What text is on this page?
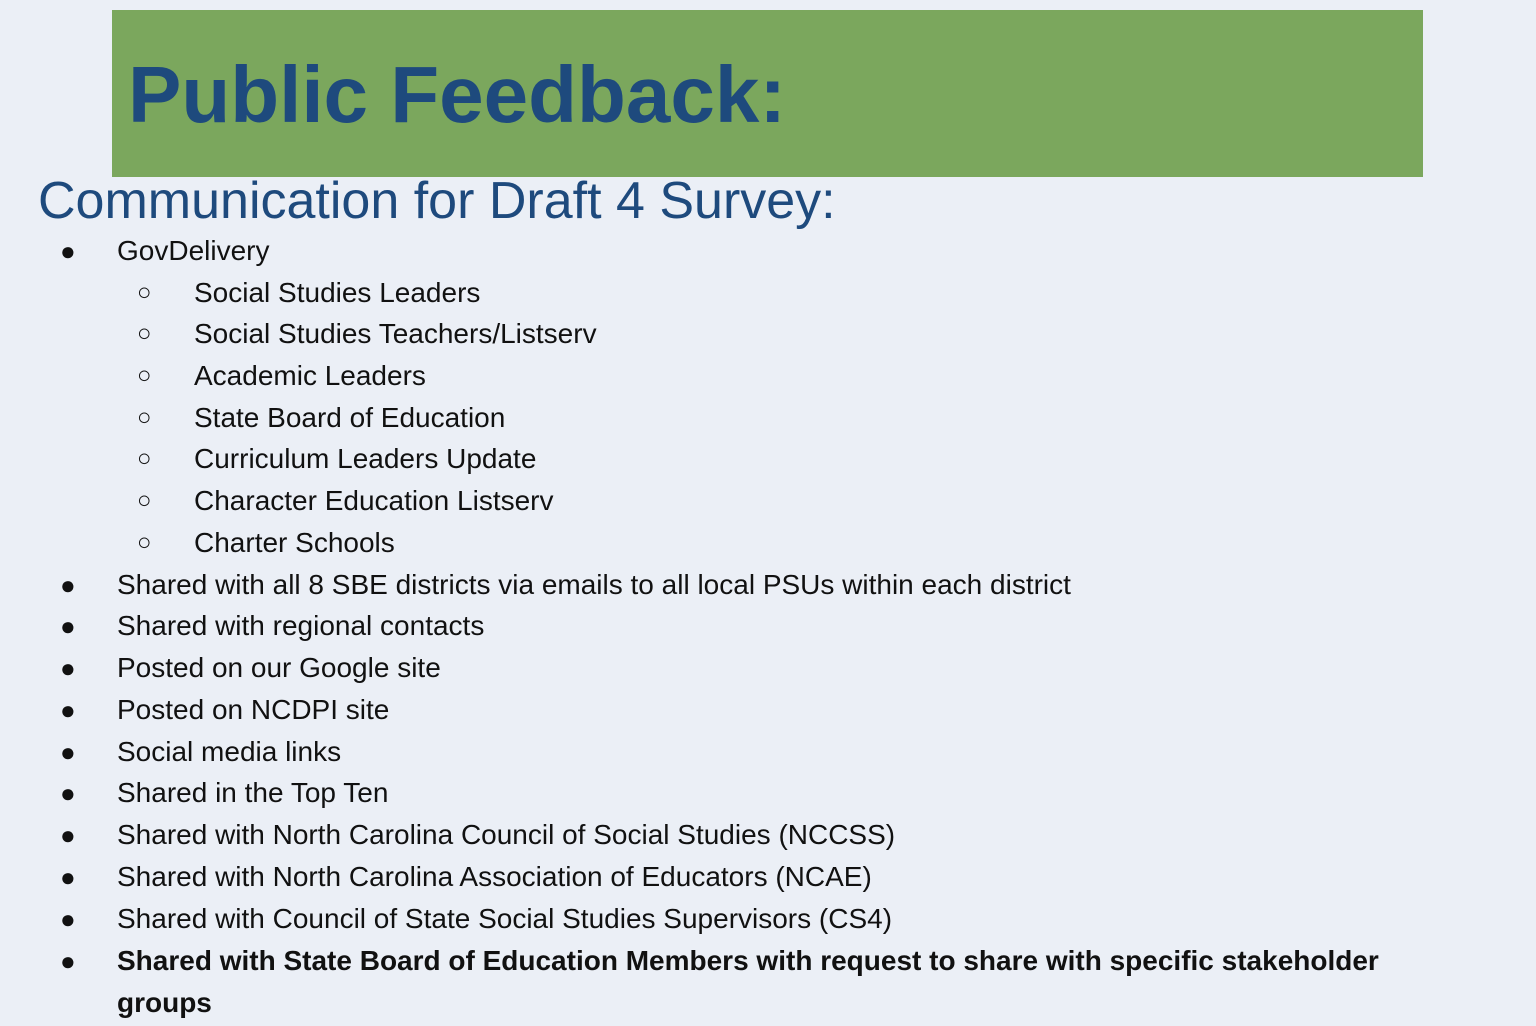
Public Feedback:
Communication for Draft 4 Survey:
● GovDelivery
○ Social Studies Leaders
○ Social Studies Teachers/Listserv
○ Academic Leaders
○ State Board of Education
○ Curriculum Leaders Update
○ Character Education Listserv
○ Charter Schools
● Shared with all 8 SBE districts via emails to all local PSUs within each district
● Shared with regional contacts
● Posted on our Google site
● Posted on NCDPI site
● Social media links
● Shared in the Top Ten
● Shared with North Carolina Council of Social Studies (NCCSS)
● Shared with North Carolina Association of Educators (NCAE)
● Shared with Council of State Social Studies Supervisors (CS4)
● Shared with State Board of Education Members with request to share with specific stakeholder
groups
